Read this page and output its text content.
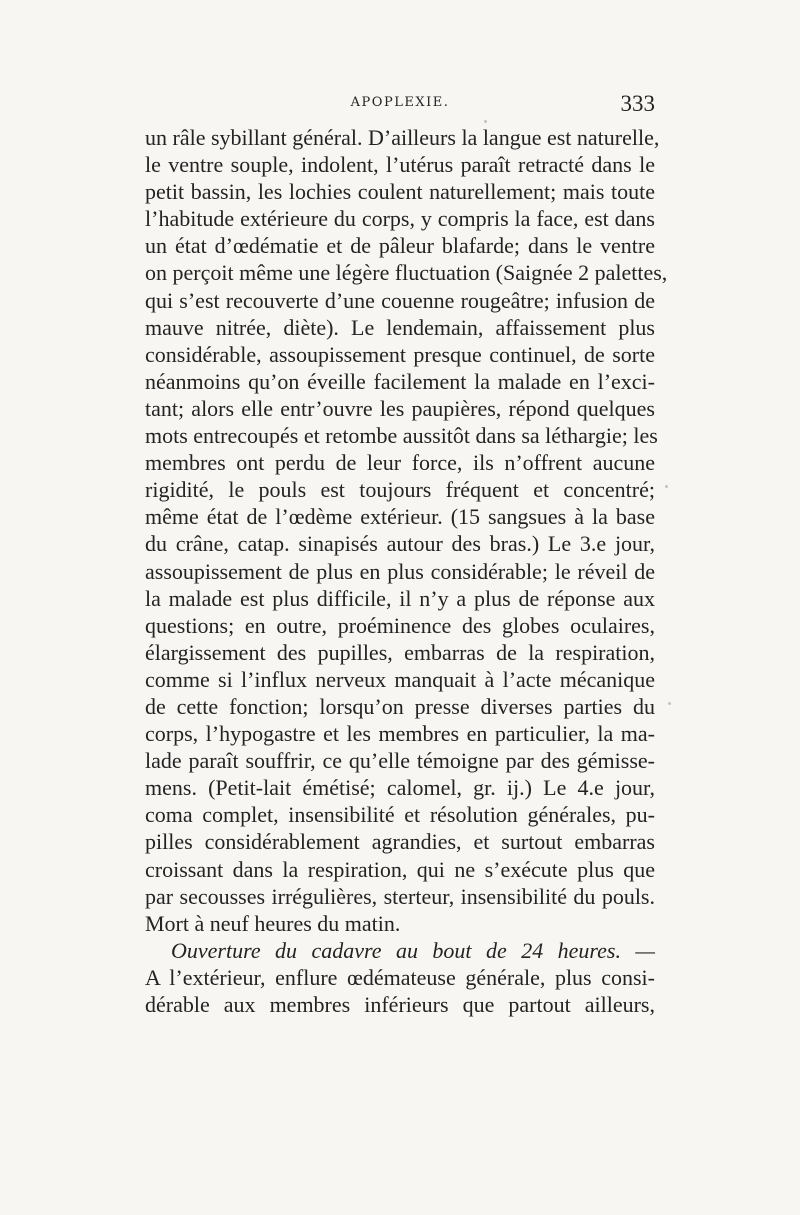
APOPLEXIE.	333
un râle sybillant général. D’ailleurs la langue est naturelle,
le ventre souple, indolent, l’utérus paraît retracté dans le
petit bassin, les lochies coulent naturellement; mais toute
l’habitude extérieure du corps, y compris la face, est dans
un état d’œdématie et de pâleur blafarde; dans le ventre
on perçoit même une légère fluctuation (Saignée 2 palettes,
qui s’est recouverte d’une couenne rougeâtre; infusion de
mauve nitrée, diète). Le lendemain, affaissement plus
considérable, assoupissement presque continuel, de sorte
néanmoins qu’on éveille facilement la malade en l’exci-
tant; alors elle entr’ouvre les paupières, répond quelques
mots entrecoupés et retombe aussitôt dans sa léthargie; les
membres ont perdu de leur force, ils n’offrent aucune
rigidité, le pouls est toujours fréquent et concentré;
même état de l’œdème extérieur. (15 sangsues à la base
du crâne, catap. sinapisés autour des bras.) Le 3.e jour,
assoupissement de plus en plus considérable; le réveil de
la malade est plus difficile, il n’y a plus de réponse aux
questions; en outre, proéminence des globes oculaires,
élargissement des pupilles, embarras de la respiration,
comme si l’influx nerveux manquait à l’acte mécanique
de cette fonction; lorsqu’on presse diverses parties du
corps, l’hypogastre et les membres en particulier, la ma-
lade paraît souffrir, ce qu’elle témoigne par des gémisse-
mens. (Petit-lait émétisé; calomel, gr. ij.) Le 4.e jour,
coma complet, insensibilité et résolution générales, pu-
pilles considérablement agrandies, et surtout embarras
croissant dans la respiration, qui ne s’exécute plus que
par secousses irrégulières, sterteur, insensibilité du pouls.
Mort à neuf heures du matin.
Ouverture du cadavre au bout de 24 heures. —
A l’extérieur, enflure œdémateuse générale, plus consi-
dérable aux membres inférieurs que partout ailleurs,
